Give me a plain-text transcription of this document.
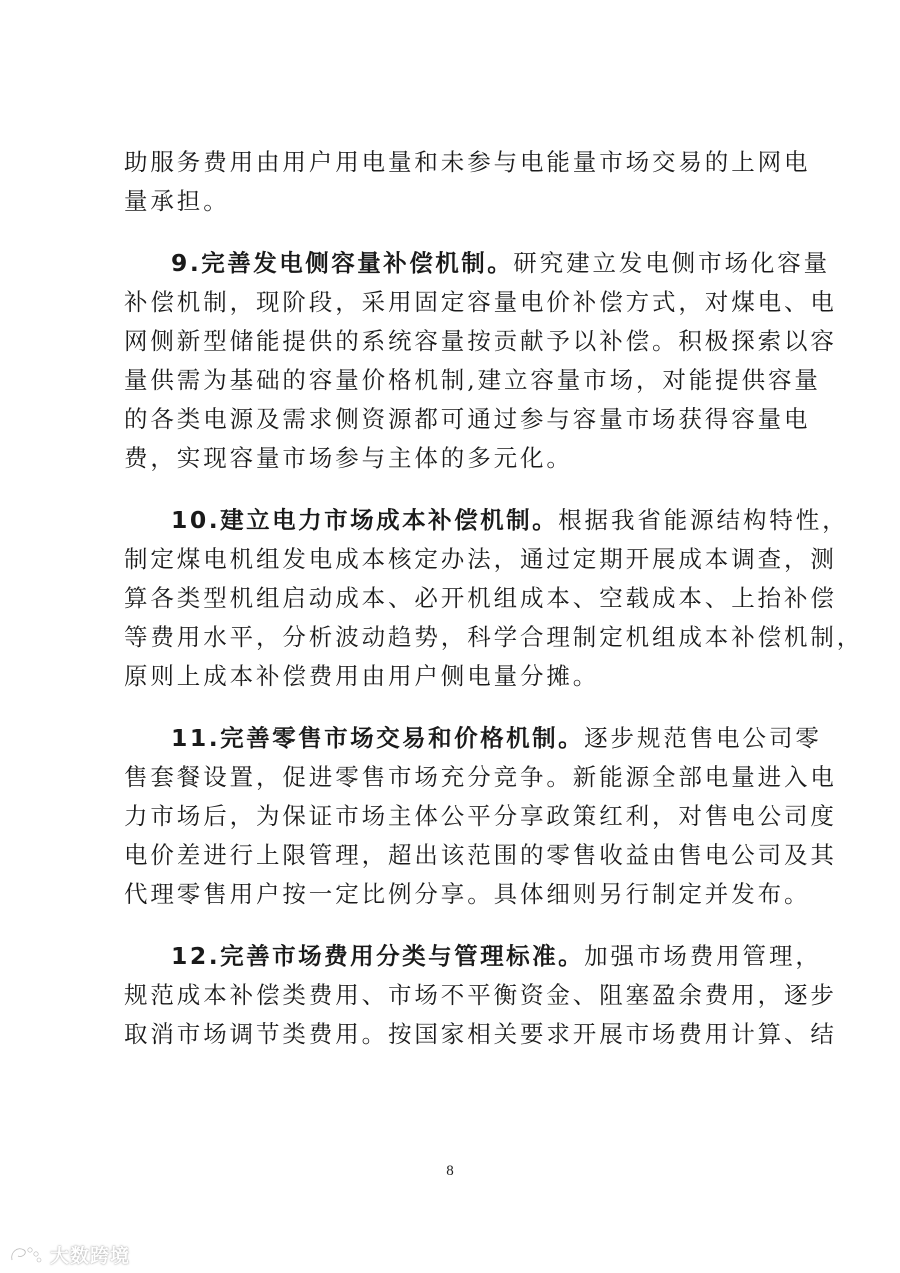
助服务费用由用户用电量和未参与电能量市场交易的上网电

量承担。

9.完善发电侧容量补偿机制。研究建立发电侧市场化容量

补偿机制，现阶段，采用固定容量电价补偿方式，对煤电、电

网侧新型储能提供的系统容量按贡献予以补偿。积极探索以容

量供需为基础的容量价格机制,建立容量市场，对能提供容量

的各类电源及需求侧资源都可通过参与容量市场获得容量电

费，实现容量市场参与主体的多元化。

10.建立电力市场成本补偿机制。根据我省能源结构特性，

制定煤电机组发电成本核定办法，通过定期开展成本调查，测

算各类型机组启动成本、必开机组成本、空载成本、上抬补偿

等费用水平，分析波动趋势，科学合理制定机组成本补偿机制，

原则上成本补偿费用由用户侧电量分摊。

11.完善零售市场交易和价格机制。逐步规范售电公司零

售套餐设置，促进零售市场充分竞争。新能源全部电量进入电

力市场后，为保证市场主体公平分享政策红利，对售电公司度

电价差进行上限管理，超出该范围的零售收益由售电公司及其

代理零售用户按一定比例分享。具体细则另行制定并发布。

12.完善市场费用分类与管理标准。加强市场费用管理，

规范成本补偿类费用、市场不平衡资金、阻塞盈余费用，逐步

取消市场调节类费用。按国家相关要求开展市场费用计算、结

8
大数跨境
